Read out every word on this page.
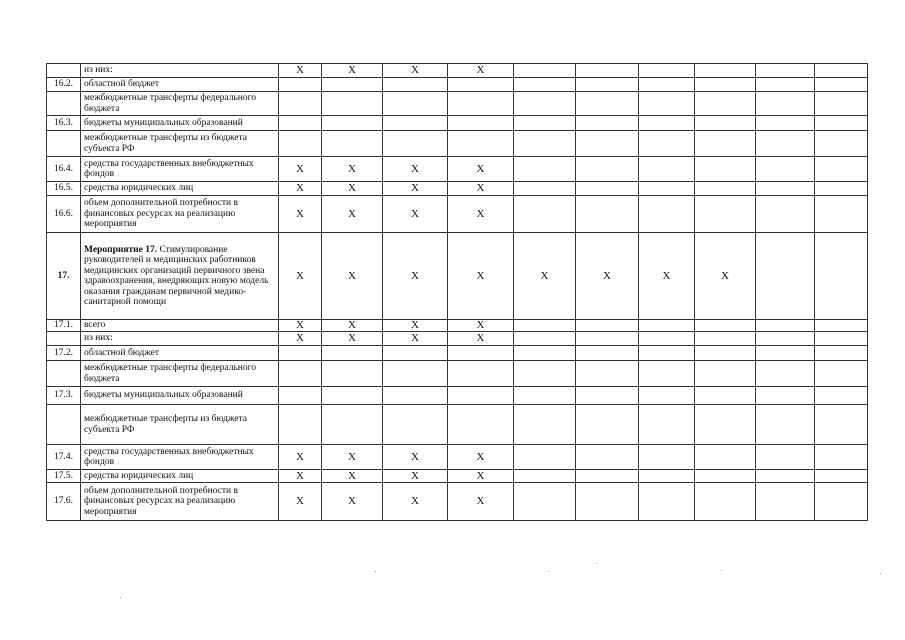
	из них:	X	X	X	X						
16.2.	областной бюджет										
	межбюджетные трансферты федерального бюджета										
16.3.	бюджеты муниципальных образований										
	межбюджетные трансферты из бюджета субъекта РФ										
16.4.	средства государственных внебюджетных фондов	X	X	X	X						
16.5.	средства юридических лиц	X	X	X	X						
16.6.	объем дополнительной потребности в финансовых ресурсах на реализацию мероприятия	X	X	X	X						
17.	Мероприятие 17. Стимулирование руководителей и медицинских работников медицинских организаций первичного звена здравоохранения, внедряющих новую модель оказания гражданам первичной медико-санитарной помощи	X	X	X	X	X	X	X	X		
17.1.	всего	X	X	X	X						
	из них:	X	X	X	X						
17.2.	областной бюджет										
	межбюджетные трансферты федерального бюджета										
17.3.	бюджеты муниципальных образований										
	межбюджетные трансферты из бюджета субъекта РФ										
17.4.	средства государственных внебюджетных фондов	X	X	X	X						
17.5.	средства юридических лиц	X	X	X	X						
17.6.	объем дополнительной потребности в финансовых ресурсах на реализацию мероприятия	X	X	X	X						
